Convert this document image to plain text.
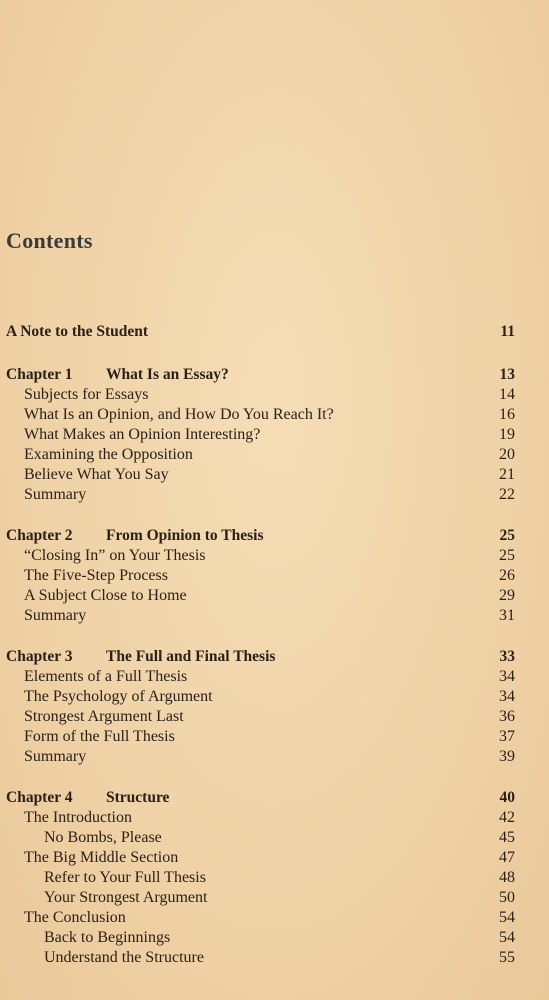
Contents
A Note to the Student	11
Chapter 1 What Is an Essay?	13
Subjects for Essays	14
What Is an Opinion, and How Do You Reach It?	16
What Makes an Opinion Interesting?	19
Examining the Opposition	20
Believe What You Say	21
Summary	22
Chapter 2 From Opinion to Thesis	25
“Closing In” on Your Thesis	25
The Five-Step Process	26
A Subject Close to Home	29
Summary	31
Chapter 3 The Full and Final Thesis	33
Elements of a Full Thesis	34
The Psychology of Argument	34
Strongest Argument Last	36
Form of the Full Thesis	37
Summary	39
Chapter 4 Structure	40
The Introduction	42
No Bombs, Please	45
The Big Middle Section	47
Refer to Your Full Thesis	48
Your Strongest Argument	50
The Conclusion	54
Back to Beginnings	54
Understand the Structure	55
